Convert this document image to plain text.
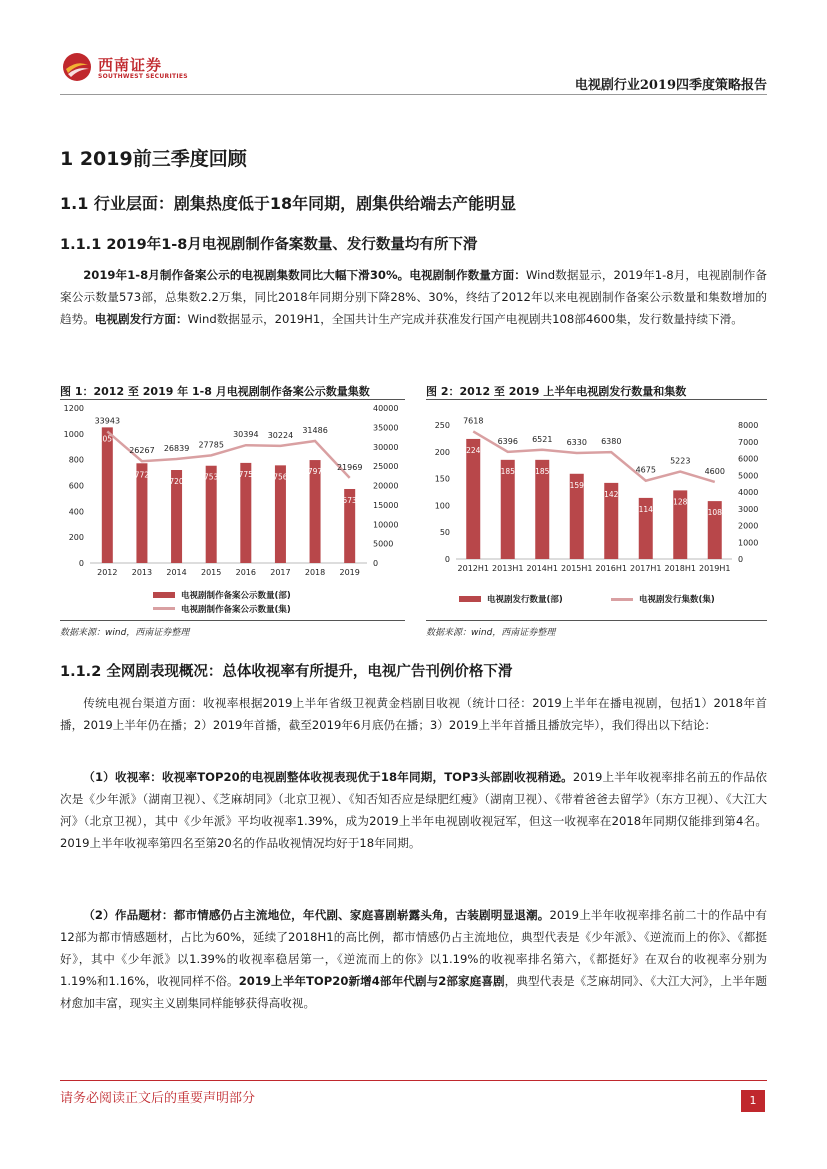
西南证券
SOUTHWEST SECURITIES
电视剧行业2019四季度策略报告
1 2019前三季度回顾
1.1 行业层面：剧集热度低于18年同期，剧集供给端去产能明显
1.1.1 2019年1-8月电视剧制作备案数量、发行数量均有所下滑

2019年1-8月制作备案公示的电视剧集数同比大幅下滑30%。电视剧制作数量方面：Wind数据显示，2019年1-8月，电视剧制作备案公示数量573部，总集数2.2万集，同比2018年同期分别下降28%、30%，终结了2012年以来电视剧制作备案公示数量和集数增加的趋势。电视剧发行方面：Wind数据显示，2019H1，全国共计生产完成并获准发行国产电视剧共108部4600集，发行数量持续下滑。

图 1：2012 至 2019 年 1-8 月电视剧制作备案公示数量集数
0
200
400
600
800
1000
1200
0
5000
10000
15000
20000
25000
30000
35000
40000
1050
2012
772
2013
720
2014
753
2015
775
2016
756
2017
797
2018
573
2019
33943
26267 26839 27785
30394 30224
31486
21969
电视剧制作备案公示数量(部)
电视剧制作备案公示数量(集)
数据来源：wind，西南证券整理
图 2：2012 至 2019 上半年电视剧发行数量和集数
0
50
100
150
200
250
0
1000
2000
3000
4000
5000
6000
7000
8000
224
2012H1
185
2013H1
185
2014H1
159
2015H1
142
2016H1
114
2017H1
128
2018H1
108
2019H1
7618
6396 6521 6330 6380
4675
5223
4600
电视剧发行数量(部)	电视剧发行集数(集)
数据来源：wind，西南证券整理
1.1.2 全网剧表现概况：总体收视率有所提升，电视广告刊例价格下滑

传统电视台渠道方面：收视率根据2019上半年省级卫视黄金档剧目收视（统计口径：2019上半年在播电视剧，包括1）2018年首播，2019上半年仍在播；2）2019年首播，截至2019年6月底仍在播；3）2019上半年首播且播放完毕），我们得出以下结论：

（1）收视率：收视率TOP20的电视剧整体收视表现优于18年同期，TOP3头部剧收视稍逊。2019上半年收视率排名前五的作品依次是《少年派》（湖南卫视）、《芝麻胡同》（北京卫视）、《知否知否应是绿肥红瘦》（湖南卫视）、《带着爸爸去留学》（东方卫视）、《大江大河》（北京卫视），其中《少年派》平均收视率1.39%，成为2019上半年电视剧收视冠军，但这一收视率在2018年同期仅能排到第4名。2019上半年收视率第四名至第20名的作品收视情况均好于18年同期。

（2）作品题材：都市情感仍占主流地位，年代剧、家庭喜剧崭露头角，古装剧明显退潮。2019上半年收视率排名前二十的作品中有12部为都市情感题材，占比为60%，延续了2018H1的高比例，都市情感仍占主流地位，典型代表是《少年派》、《逆流而上的你》、《都挺好》，其中《少年派》以1.39%的收视率稳居第一，《逆流而上的你》以1.19%的收视率排名第六，《都挺好》在双台的收视率分别为1.19%和1.16%，收视同样不俗。2019上半年TOP20新增4部年代剧与2部家庭喜剧，典型代表是《芝麻胡同》、《大江大河》，上半年题材愈加丰富，现实主义剧集同样能够获得高收视。

请务必阅读正文后的重要声明部分	1
